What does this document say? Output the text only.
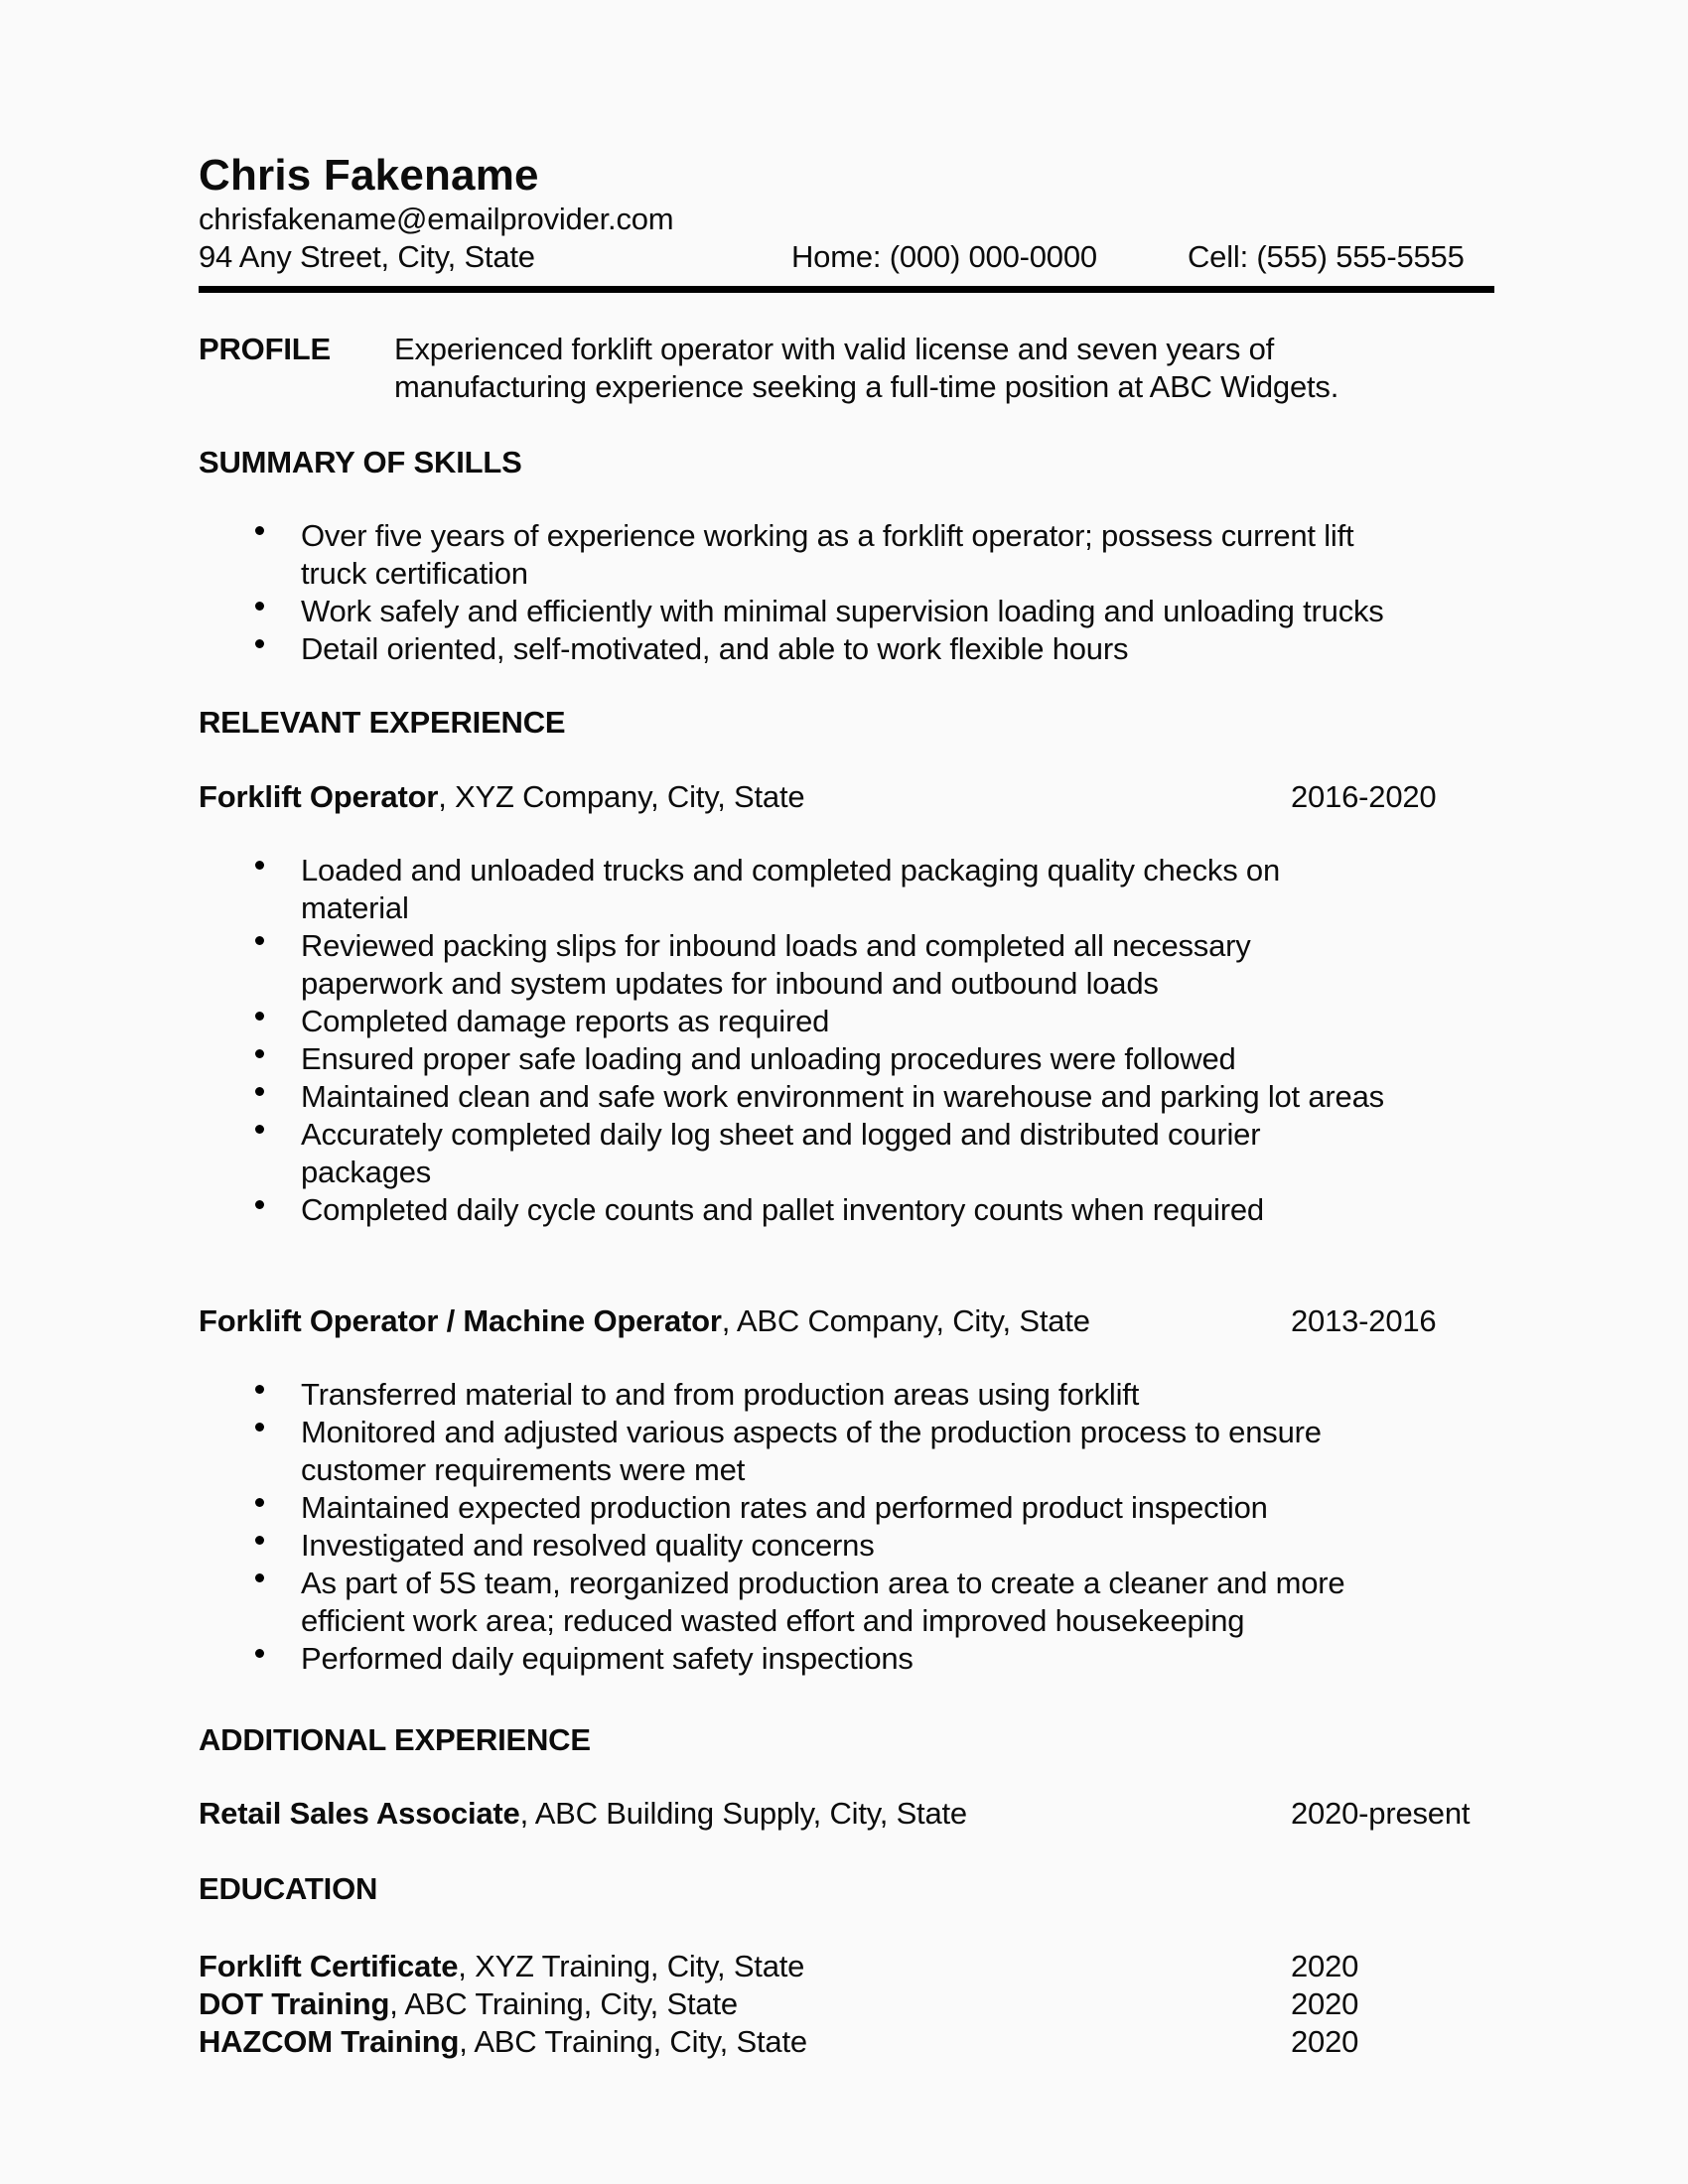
Chris Fakename
chrisfakename@emailprovider.com
94 Any Street, City, State	Home: (000) 000-0000	Cell: (555) 555-5555
PROFILE	Experienced forklift operator with valid license and seven years of
manufacturing experience seeking a full-time position at ABC Widgets.
SUMMARY OF SKILLS
Over five years of experience working as a forklift operator; possess current lift
truck certification
Work safely and efficiently with minimal supervision loading and unloading trucks
Detail oriented, self-motivated, and able to work flexible hours
RELEVANT EXPERIENCE
Forklift Operator, XYZ Company, City, State	2016-2020
Loaded and unloaded trucks and completed packaging quality checks on
material
Reviewed packing slips for inbound loads and completed all necessary
paperwork and system updates for inbound and outbound loads
Completed damage reports as required
Ensured proper safe loading and unloading procedures were followed
Maintained clean and safe work environment in warehouse and parking lot areas
Accurately completed daily log sheet and logged and distributed courier
packages
Completed daily cycle counts and pallet inventory counts when required
Forklift Operator / Machine Operator, ABC Company, City, State	2013-2016
Transferred material to and from production areas using forklift
Monitored and adjusted various aspects of the production process to ensure
customer requirements were met
Maintained expected production rates and performed product inspection
Investigated and resolved quality concerns
As part of 5S team, reorganized production area to create a cleaner and more
efficient work area; reduced wasted effort and improved housekeeping
Performed daily equipment safety inspections
ADDITIONAL EXPERIENCE
Retail Sales Associate, ABC Building Supply, City, State	2020-present
EDUCATION
Forklift Certificate, XYZ Training, City, State	2020
DOT Training, ABC Training, City, State	2020
HAZCOM Training, ABC Training, City, State	2020
